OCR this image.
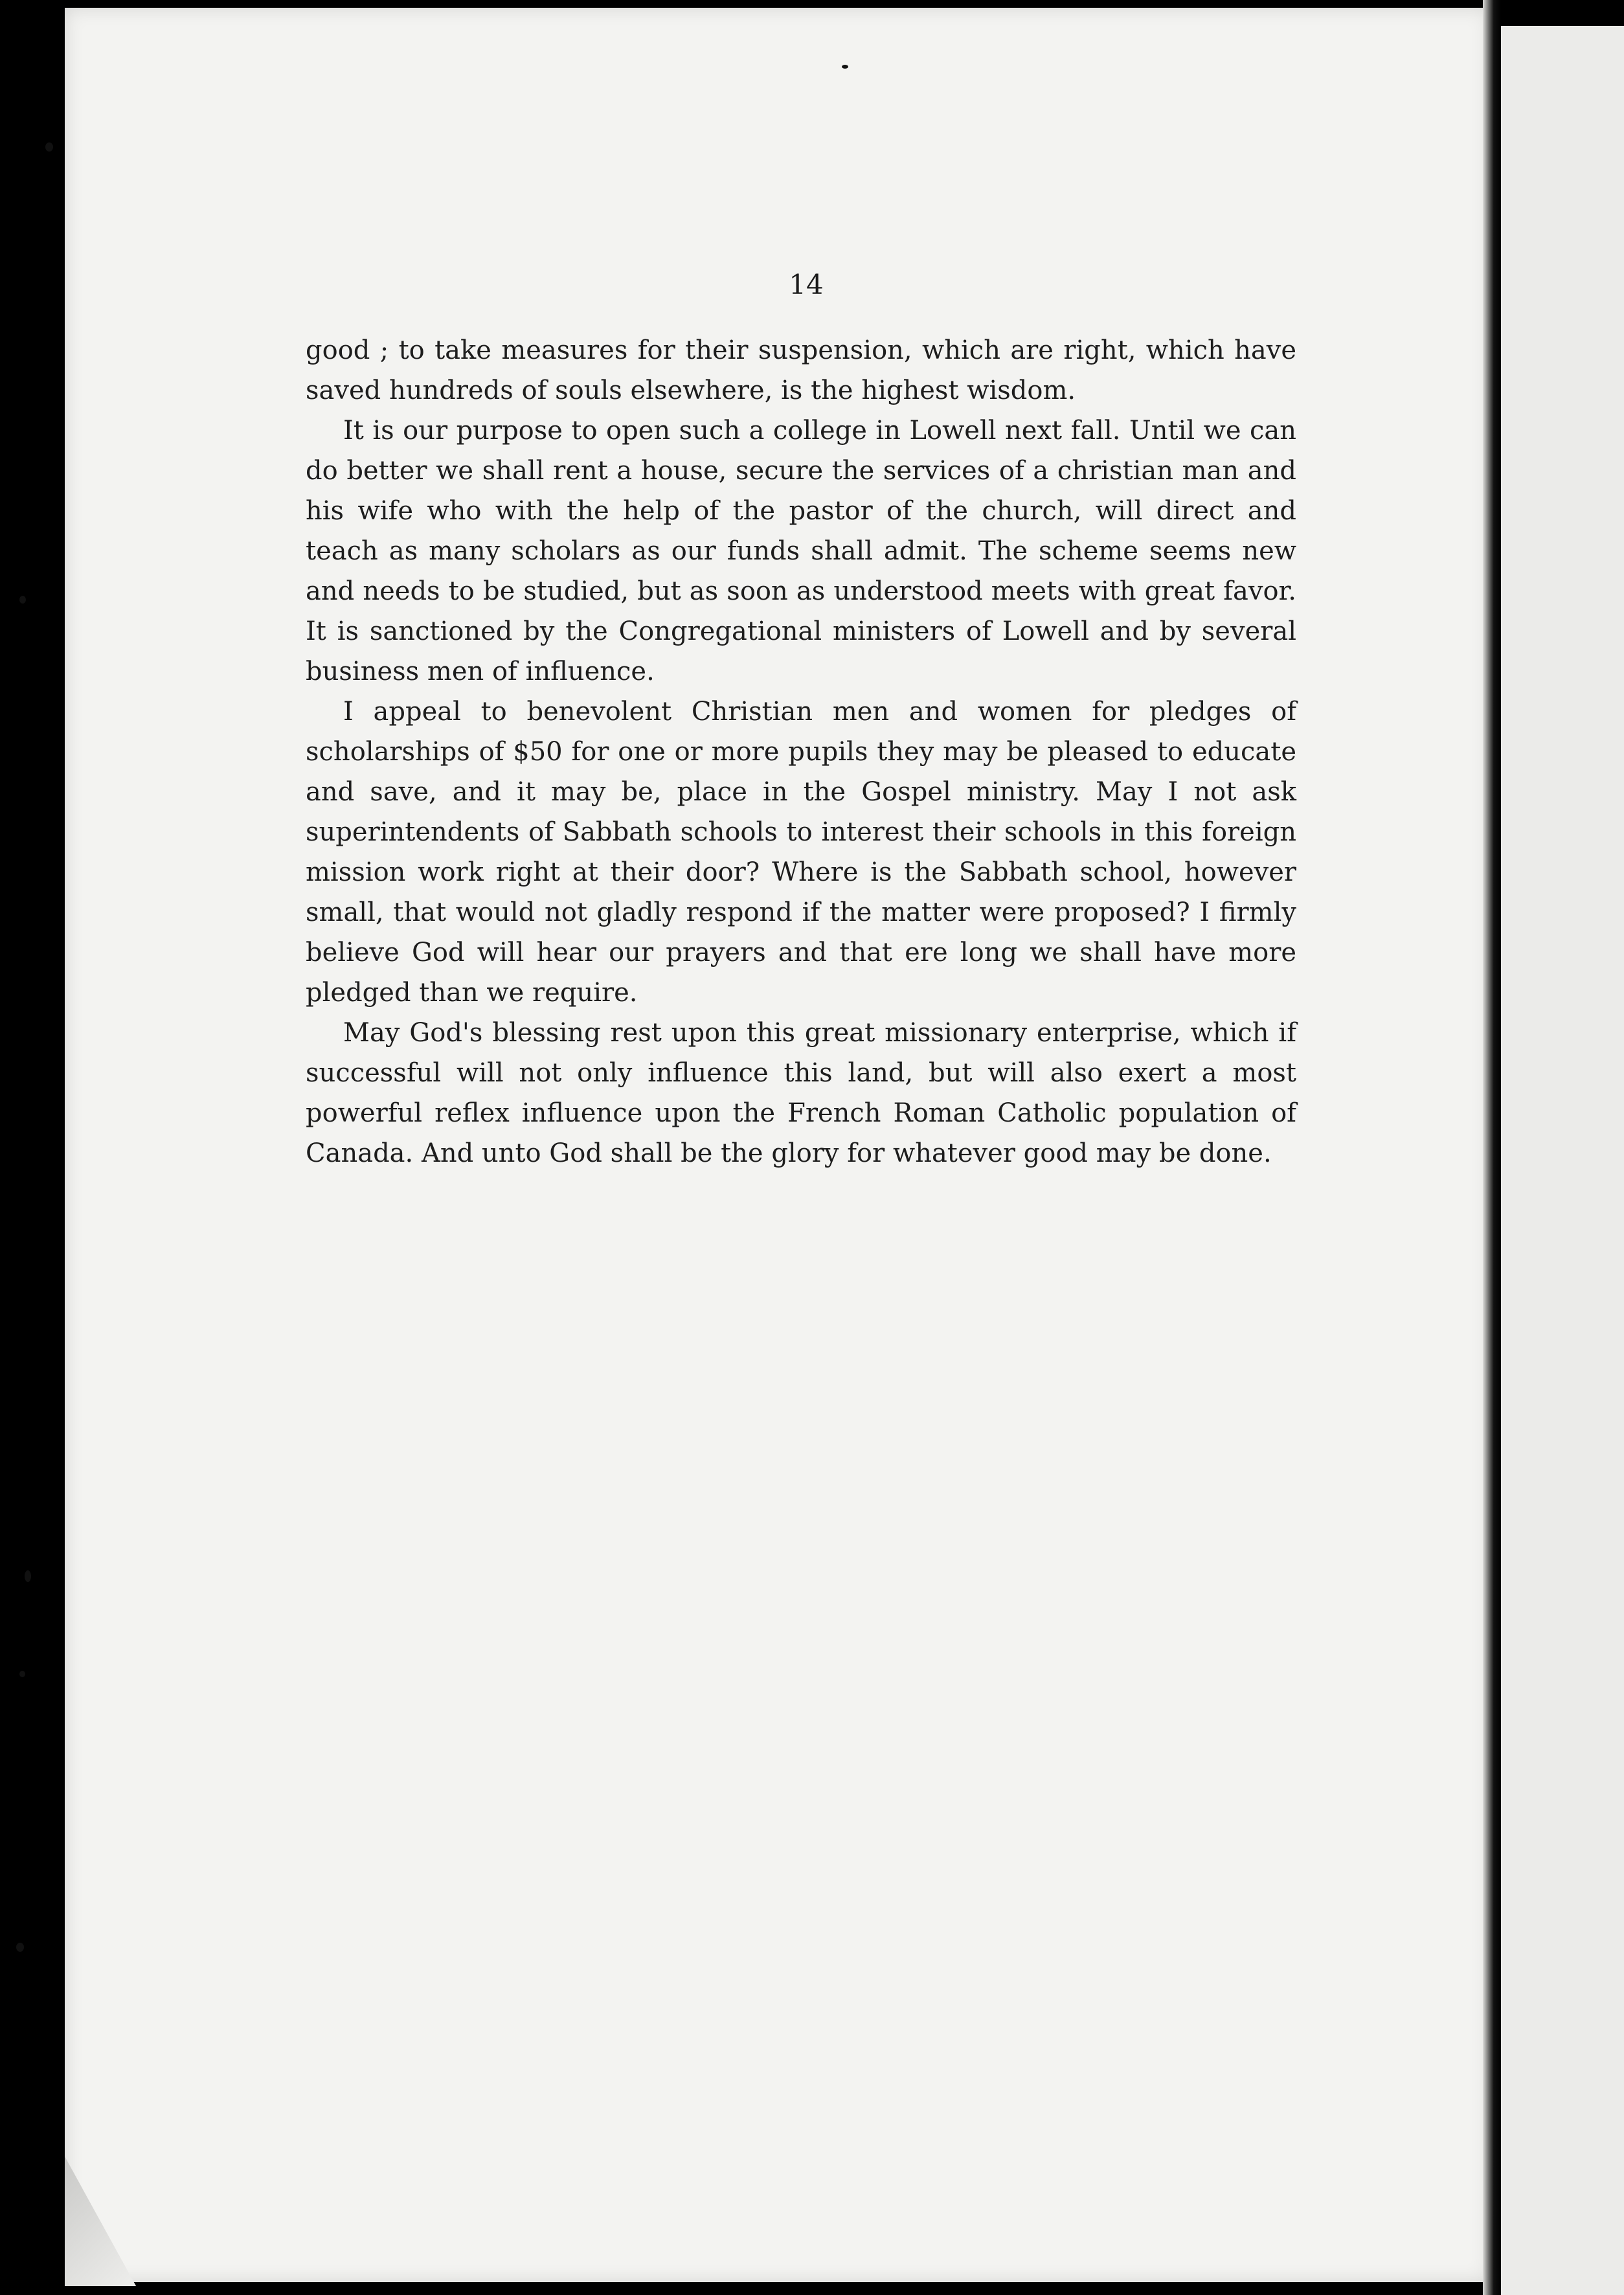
14

good ; to take measures for their suspension, which are right, which have saved hundreds of souls elsewhere, is the highest wisdom.

It is our purpose to open such a college in Lowell next fall. Until we can do better we shall rent a house, secure the services of a christian man and his wife who with the help of the pastor of the church, will direct and teach as many scholars as our funds shall admit. The scheme seems new and needs to be studied, but as soon as understood meets with great favor. It is sanctioned by the Congregational ministers of Lowell and by several business men of influence.

I appeal to benevolent Christian men and women for pledges of scholarships of $50 for one or more pupils they may be pleased to educate and save, and it may be, place in the Gospel ministry. May I not ask superintendents of Sabbath schools to interest their schools in this foreign mission work right at their door? Where is the Sabbath school, however small, that would not gladly respond if the matter were proposed? I firmly believe God will hear our prayers and that ere long we shall have more pledged than we require.

May God's blessing rest upon this great missionary enterprise, which if successful will not only influence this land, but will also exert a most powerful reflex influence upon the French Roman Catholic population of Canada. And unto God shall be the glory for whatever good may be done.
